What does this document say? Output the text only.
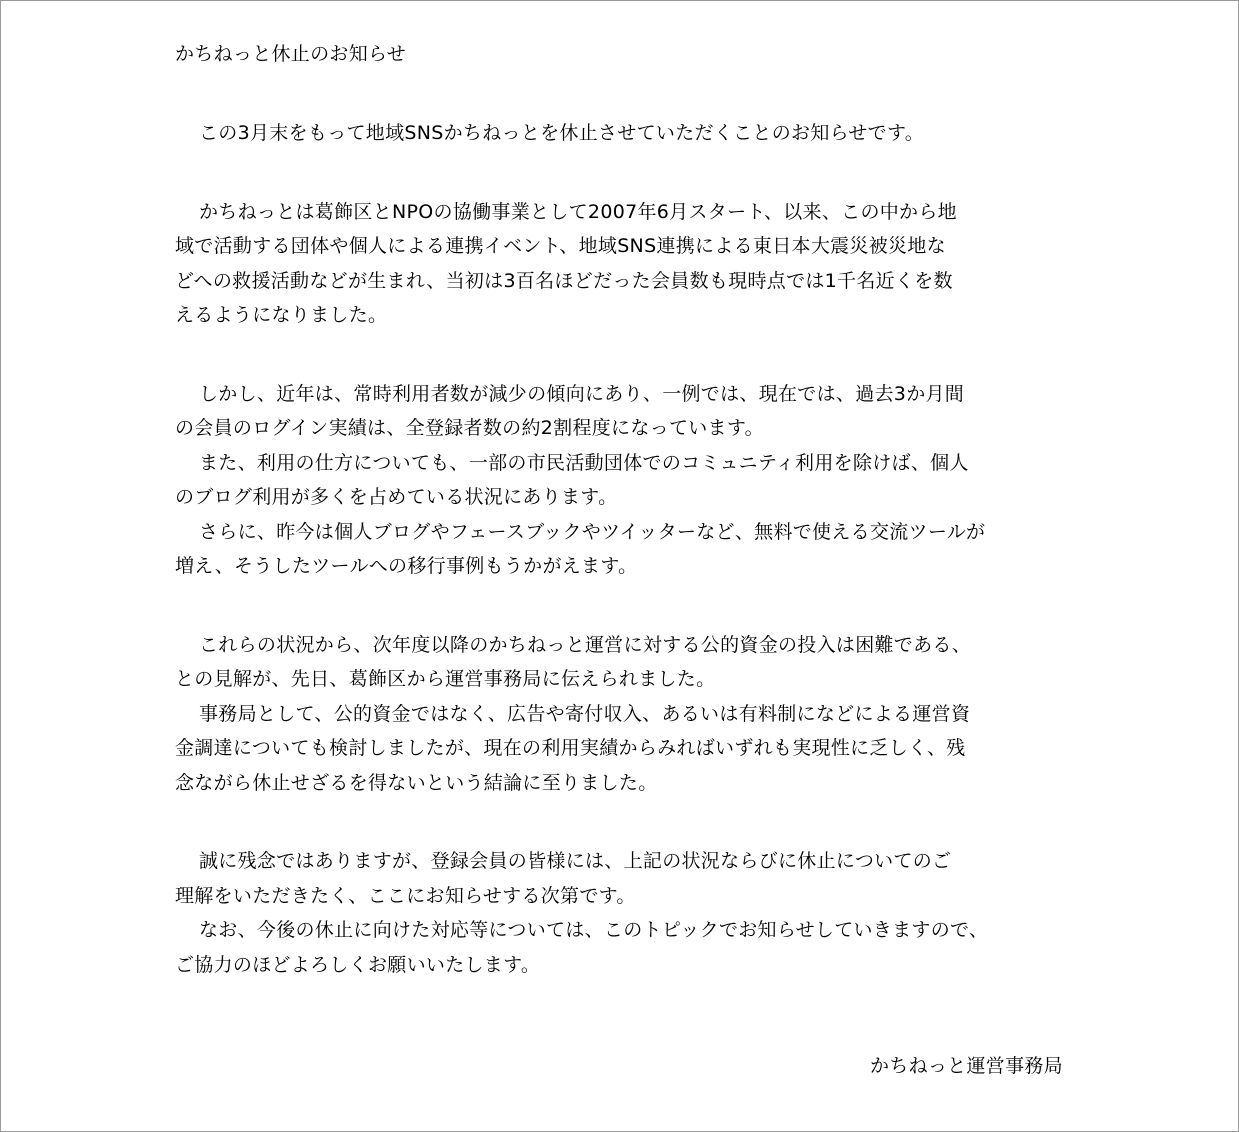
かちねっと休止のお知らせ
この3月末をもって地域SNSかちねっとを休止させていただくことのお知らせです。
かちねっとは葛飾区とNPOの協働事業として2007年6月スタート、以来、この中から地
域で活動する団体や個人による連携イベント、地域SNS連携による東日本大震災被災地な
どへの救援活動などが生まれ、当初は3百名ほどだった会員数も現時点では1千名近くを数
えるようになりました。
しかし、近年は、常時利用者数が減少の傾向にあり、一例では、現在では、過去3か月間
の会員のログイン実績は、全登録者数の約2割程度になっています。
また、利用の仕方についても、一部の市民活動団体でのコミュニティ利用を除けば、個人
のブログ利用が多くを占めている状況にあります。
さらに、昨今は個人ブログやフェースブックやツイッターなど、無料で使える交流ツールが
増え、そうしたツールへの移行事例もうかがえます。
これらの状況から、次年度以降のかちねっと運営に対する公的資金の投入は困難である、
との見解が、先日、葛飾区から運営事務局に伝えられました。
事務局として、公的資金ではなく、広告や寄付収入、あるいは有料制になどによる運営資
金調達についても検討しましたが、現在の利用実績からみればいずれも実現性に乏しく、残
念ながら休止せざるを得ないという結論に至りました。
誠に残念ではありますが、登録会員の皆様には、上記の状況ならびに休止についてのご
理解をいただきたく、ここにお知らせする次第です。
なお、今後の休止に向けた対応等については、このトピックでお知らせしていきますので、
ご協力のほどよろしくお願いいたします。
かちねっと運営事務局
